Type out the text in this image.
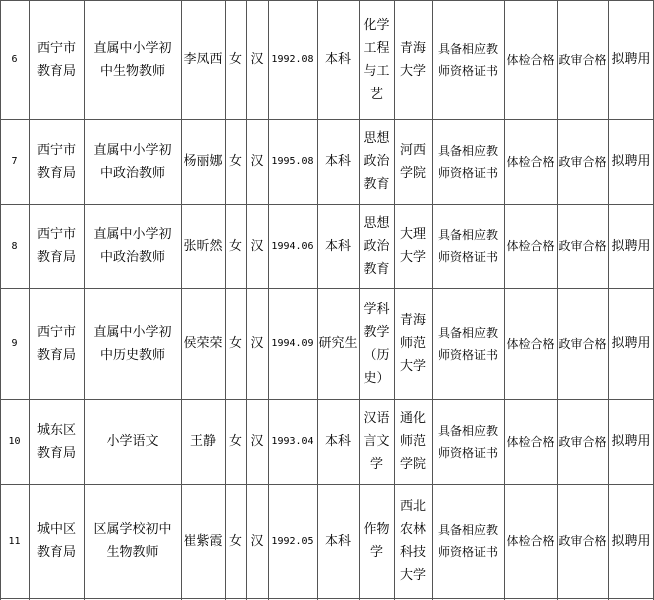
6
西宁市
教育局
直属中小学初
中生物教师
李凤西 女 汉 1992.08 本科
化学
工程
与工
艺
青海
大学
具备相应教
师资格证书
体检合格 政审合格 拟聘用
7
西宁市
教育局
直属中小学初
中政治教师
杨丽娜 女 汉 1995.08 本科
思想
政治
教育
河西
学院
具备相应教
师资格证书
体检合格 政审合格 拟聘用
8
西宁市
教育局
直属中小学初
中政治教师
张昕然 女 汉 1994.06 本科
思想
政治
教育
大理
大学
具备相应教
师资格证书
体检合格 政审合格 拟聘用
9
西宁市
教育局
直属中小学初
中历史教师
侯荣荣 女 汉 1994.09 研究生
学科
教学
（历
史）
青海
师范
大学
具备相应教
师资格证书
体检合格 政审合格 拟聘用
10
城东区
教育局
小学语文 王静 女 汉 1993.04 本科
汉语
言文
学
通化
师范
学院
具备相应教
师资格证书
体检合格 政审合格 拟聘用
11
城中区
教育局
区属学校初中
生物教师
崔紫霞 女 汉 1992.05 本科
作物
学
西北
农林
科技
大学
具备相应教
师资格证书
体检合格 政审合格 拟聘用
